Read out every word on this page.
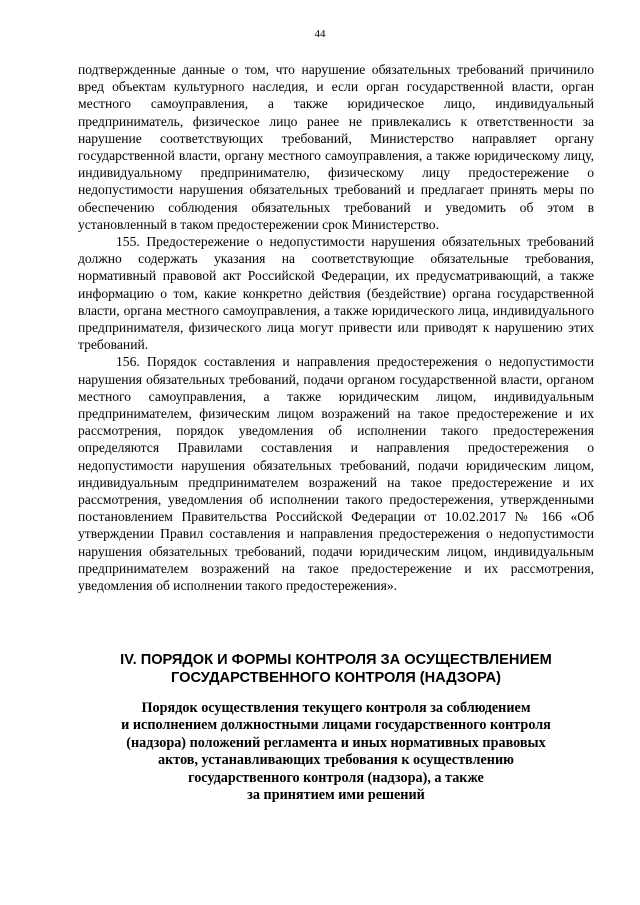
44

подтвержденные данные о том, что нарушение обязательных требований причинило вред объектам культурного наследия, и если орган государственной власти, орган местного самоуправления, а также юридическое лицо, индивидуальный предприниматель, физическое лицо ранее не привлекались к ответственности за нарушение соответствующих требований, Министерство направляет органу государственной власти, органу местного самоуправления, а также юридическому лицу, индивидуальному предпринимателю, физическому лицу предостережение о недопустимости нарушения обязательных требований и предлагает принять меры по обеспечению соблюдения обязательных требований и уведомить об этом в установленный в таком предостережении срок Министерство.

155. Предостережение о недопустимости нарушения обязательных требований должно содержать указания на соответствующие обязательные требования, нормативный правовой акт Российской Федерации, их предусматривающий, а также информацию о том, какие конкретно действия (бездействие) органа государственной власти, органа местного самоуправления, а также юридического лица, индивидуального предпринимателя, физического лица могут привести или приводят к нарушению этих требований.

156. Порядок составления и направления предостережения о недопустимости нарушения обязательных требований, подачи органом государственной власти, органом местного самоуправления, а также юридическим лицом, индивидуальным предпринимателем, физическим лицом возражений на такое предостережение и их рассмотрения, порядок уведомления об исполнении такого предостережения определяются Правилами составления и направления предостережения о недопустимости нарушения обязательных требований, подачи юридическим лицом, индивидуальным предпринимателем возражений на такое предостережение и их рассмотрения, уведомления об исполнении такого предостережения, утвержденными постановлением Правительства Российской Федерации от 10.02.2017 № 166 «Об утверждении Правил составления и направления предостережения о недопустимости нарушения обязательных требований, подачи юридическим лицом, индивидуальным предпринимателем возражений на такое предостережение и их рассмотрения, уведомления об исполнении такого предостережения».

IV. ПОРЯДОК И ФОРМЫ КОНТРОЛЯ ЗА ОСУЩЕСТВЛЕНИЕМ ГОСУДАРСТВЕННОГО КОНТРОЛЯ (НАДЗОРА)
Порядок осуществления текущего контроля за соблюдением
и исполнением должностными лицами государственного контроля
(надзора) положений регламента и иных нормативных правовых
актов, устанавливающих требования к осуществлению
государственного контроля (надзора), а также
за принятием ими решений
